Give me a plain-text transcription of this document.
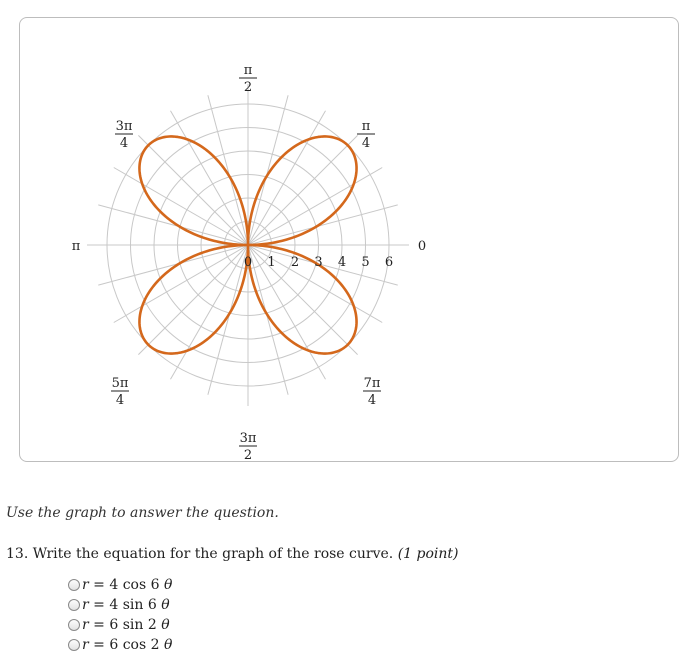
0 1 2 3 4 5 6
π
2
π
4
3π
4
π	0
5π
4
7π
4
3π
2
Use the graph to answer the question.
13. Write the equation for the graph of the rose curve. (1 point)
r = 4 cos 6 θ
r = 4 sin 6 θ
r = 6 sin 2 θ
r = 6 cos 2 θ
